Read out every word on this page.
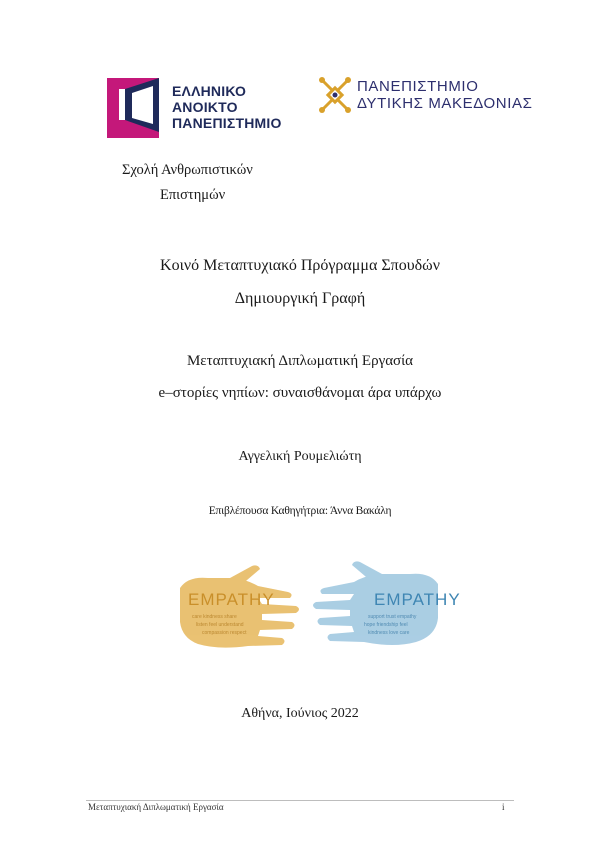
ΕΛΛΗΝΙΚΟ
ΑΝΟΙΚΤΟ
ΠΑΝΕΠΙΣΤΗΜΙΟ
ΠΑΝΕΠΙΣΤΗΜΙΟ
ΔΥΤΙΚΗΣ ΜΑΚΕΔΟΝΙΑΣ
Σχολή Ανθρωπιστικών
Επιστημών
Κοινό Μεταπτυχιακό Πρόγραμμα Σπουδών
Δημιουργική Γραφή
Μεταπτυχιακή Διπλωματική Εργασία
e–στορίες νηπίων: συναισθάνομαι άρα υπάρχω
Αγγελική Ρουμελιώτη
Επιβλέπουσα Καθηγήτρια: Άννα Βακάλη
EMPATHY
care kindness share
listen feel understand
compassion respect
EMPATHY
support trust empathy
hope friendship feel
kindness love care
Αθήνα, Ιούνιος 2022
Μεταπτυχιακή Διπλωματική Εργασία	i
